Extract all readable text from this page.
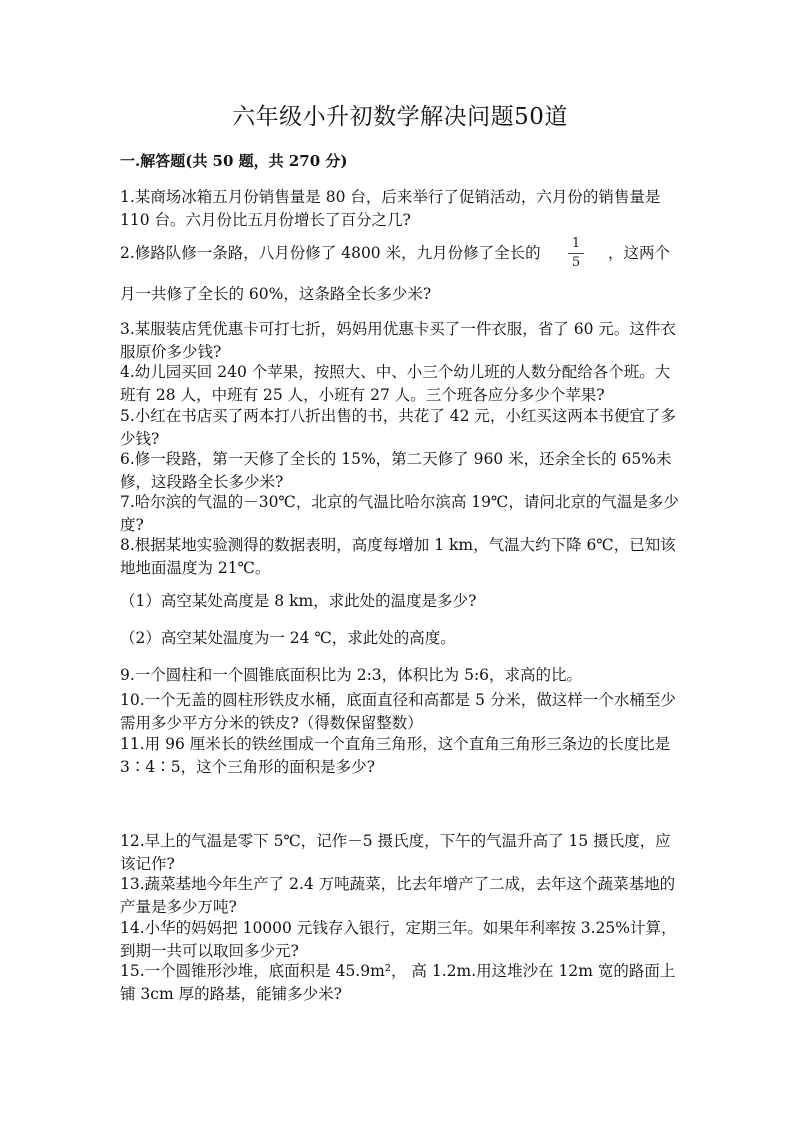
六年级小升初数学解决问题50道
一.解答题(共 50 题，共 270 分)
1.某商场冰箱五月份销售量是 80 台，后来举行了促销活动，六月份的销售量是 110 台。六月份比五月份增长了百分之几?
2.修路队修一条路，八月份修了 4800 米，九月份修了全长的
1
5
，这两个
月一共修了全长的 60%，这条路全长多少米?
3.某服装店凭优惠卡可打七折，妈妈用优惠卡买了一件衣服，省了 60 元。这件衣服原价多少钱?
4.幼儿园买回 240 个苹果，按照大、中、小三个幼儿班的人数分配给各个班。大班有 28 人，中班有 25 人，小班有 27 人。三个班各应分多少个苹果?
5.小红在书店买了两本打八折出售的书，共花了 42 元，小红买这两本书便宜了多少钱?
6.修一段路，第一天修了全长的 15%，第二天修了 960 米，还余全长的 65%未修，这段路全长多少米?
7.哈尔滨的气温的－30℃，北京的气温比哈尔滨高 19℃，请问北京的气温是多少度?
8.根据某地实验测得的数据表明，高度每增加 1 km，气温大约下降 6℃，已知该地地面温度为 21℃。
（1）高空某处高度是 8 km，求此处的温度是多少?
（2）高空某处温度为一 24 ℃，求此处的高度。
9.一个圆柱和一个圆锥底面积比为 2:3，体积比为 5:6，求高的比。
10.一个无盖的圆柱形铁皮水桶，底面直径和高都是 5 分米，做这样一个水桶至少需用多少平方分米的铁皮?（得数保留整数）
11.用 96 厘米长的铁丝围成一个直角三角形，这个直角三角形三条边的长度比是 3∶4∶5，这个三角形的面积是多少?
12.早上的气温是零下 5℃，记作－5 摄氏度，下午的气温升高了 15 摄氏度，应该记作?
13.蔬菜基地今年生产了 2.4 万吨蔬菜，比去年增产了二成，去年这个蔬菜基地的产量是多少万吨?
14.小华的妈妈把 10000 元钱存入银行，定期三年。如果年利率按 3.25%计算，到期一共可以取回多少元?
15.一个圆锥形沙堆，底面积是 45.9m²， 高 1.2m.用这堆沙在 12m 宽的路面上铺 3cm 厚的路基，能铺多少米?
